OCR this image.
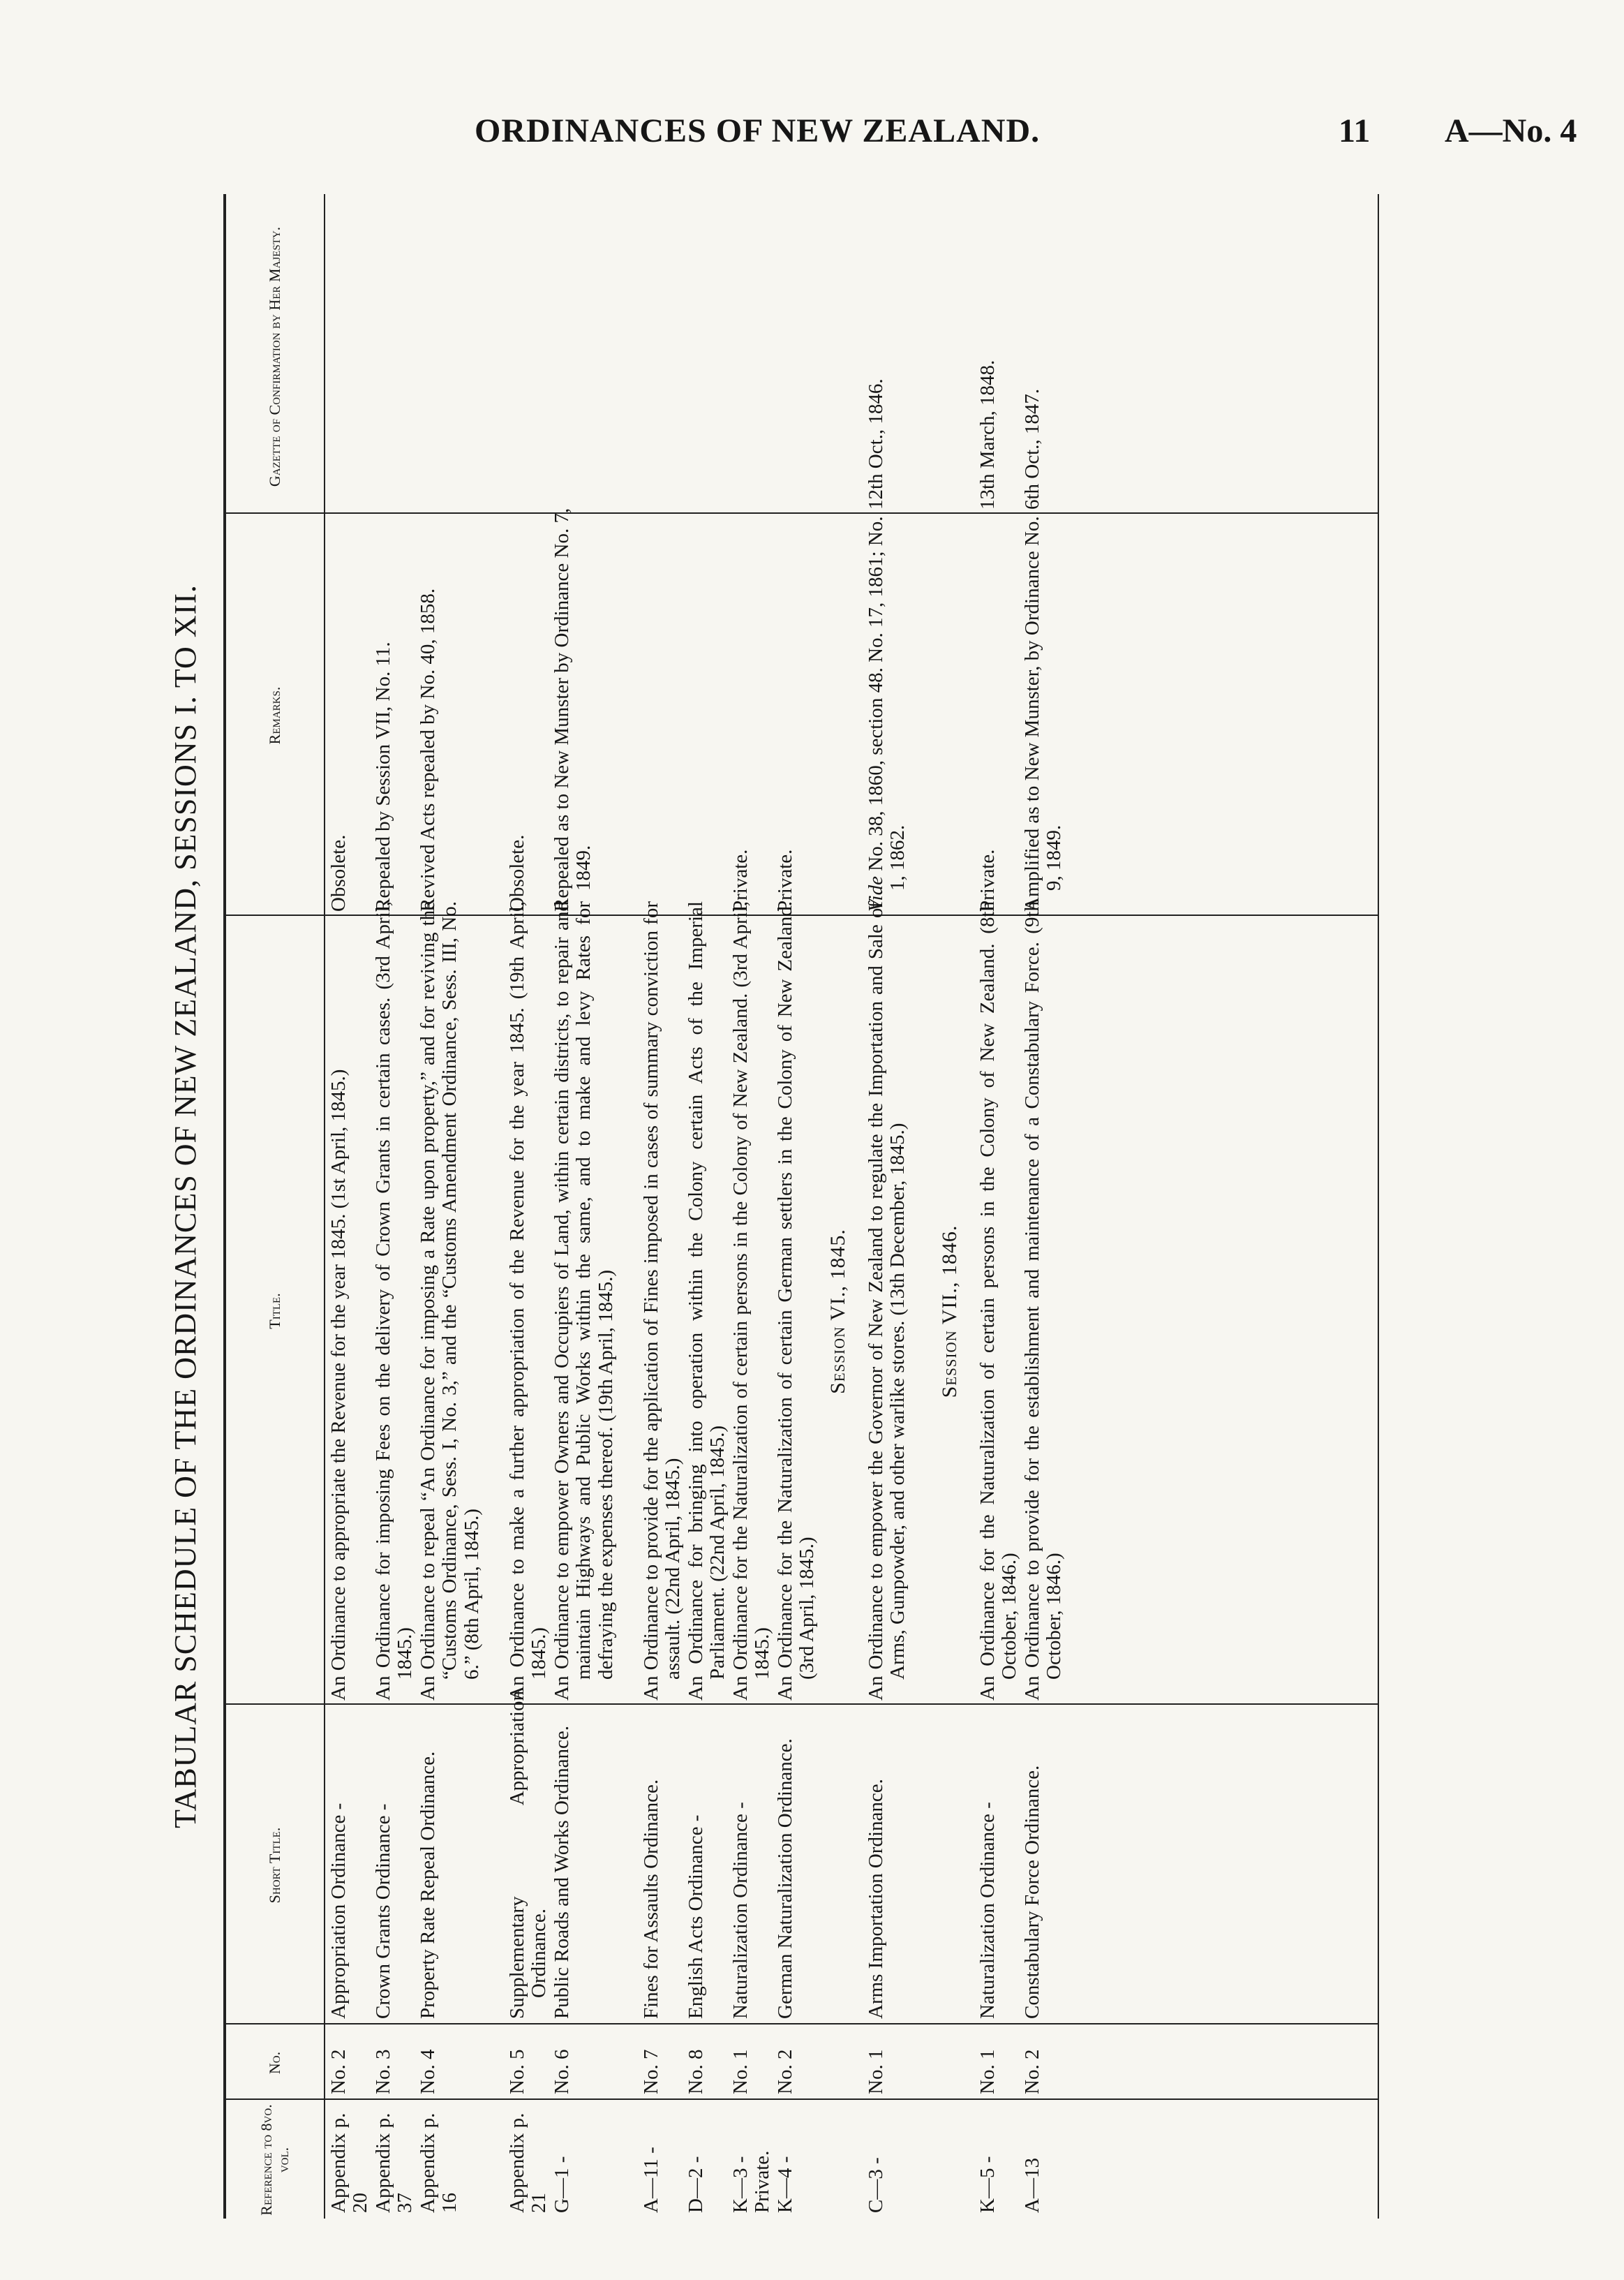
ORDINANCES OF NEW ZEALAND.	11 A—No. 4
TABULAR SCHEDULE OF THE ORDINANCES OF NEW ZEALAND, SESSIONS I. TO XII.
Reference to 8vo. vol.
No.
Short Title.
Title.
Remarks.
Gazette of Confirmation by Her Majesty.
Appendix p. 20
No. 2
Appropriation Ordinance -
An Ordinance to appropriate the Revenue for the year 1845. (1st April, 1845.)
Obsolete.
Appendix p. 37
No. 3
Crown Grants Ordinance -
An Ordinance for imposing Fees on the delivery of Crown Grants in certain cases. (3rd April, 1845.)
Repealed by Session VII, No. 11.
Appendix p. 16
No. 4
Property Rate Repeal Ordinance.
An Ordinance to repeal “An Ordinance for imposing a Rate upon property,” and for reviving the “Customs Ordinance, Sess. I, No. 3,” and the “Customs Amendment Ordinance, Sess. III, No. 6.” (8th April, 1845.)
Revived Acts repealed by No. 40, 1858.
Appendix p. 21
No. 5
Supplementary Appropriation Ordinance.
An Ordinance to make a further appropriation of the Revenue for the year 1845. (19th April, 1845.)
Obsolete.
G—1 -
No. 6
Public Roads and Works Ordinance.
An Ordinance to empower Owners and Occupiers of Land, within certain districts, to repair and maintain Highways and Public Works within the same, and to make and levy Rates for defraying the expenses thereof. (19th April, 1845.)
Repealed as to New Munster by Ordinance No. 7, 1849.
A—11 -
No. 7
Fines for Assaults Ordinance.
An Ordinance to provide for the application of Fines imposed in cases of summary conviction for assault. (22nd April, 1845.)
D—2 -
No. 8
English Acts Ordinance -
An Ordinance for bringing into operation within the Colony certain Acts of the Imperial Parliament. (22nd April, 1845.)
K—3 - Private.
No. 1
Naturalization Ordinance -
An Ordinance for the Naturalization of certain persons in the Colony of New Zealand. (3rd April, 1845.)
Private.
K—4 -
No. 2
German Naturalization Ordinance.
An Ordinance for the Naturalization of certain German settlers in the Colony of New Zealand. (3rd April, 1845.)
Private.
Session VI., 1845.
C—3 -
No. 1
Arms Importation Ordinance.
An Ordinance to empower the Governor of New Zealand to regulate the Importation and Sale of Arms, Gunpowder, and other warlike stores. (13th December, 1845.)
Vide No. 38, 1860, section 48. No. 17, 1861; No. 1, 1862.
12th Oct., 1846.
Session VII., 1846.
K—5 -
No. 1
Naturalization Ordinance -
An Ordinance for the Naturalization of certain persons in the Colony of New Zealand. (8th October, 1846.)
Private.
13th March, 1848.
A—13
No. 2
Constabulary Force Ordinance.
An Ordinance to provide for the establishment and maintenance of a Constabulary Force. (9th October, 1846.)
Amplified as to New Munster, by Ordinance No. 9, 1849.
6th Oct., 1847.
